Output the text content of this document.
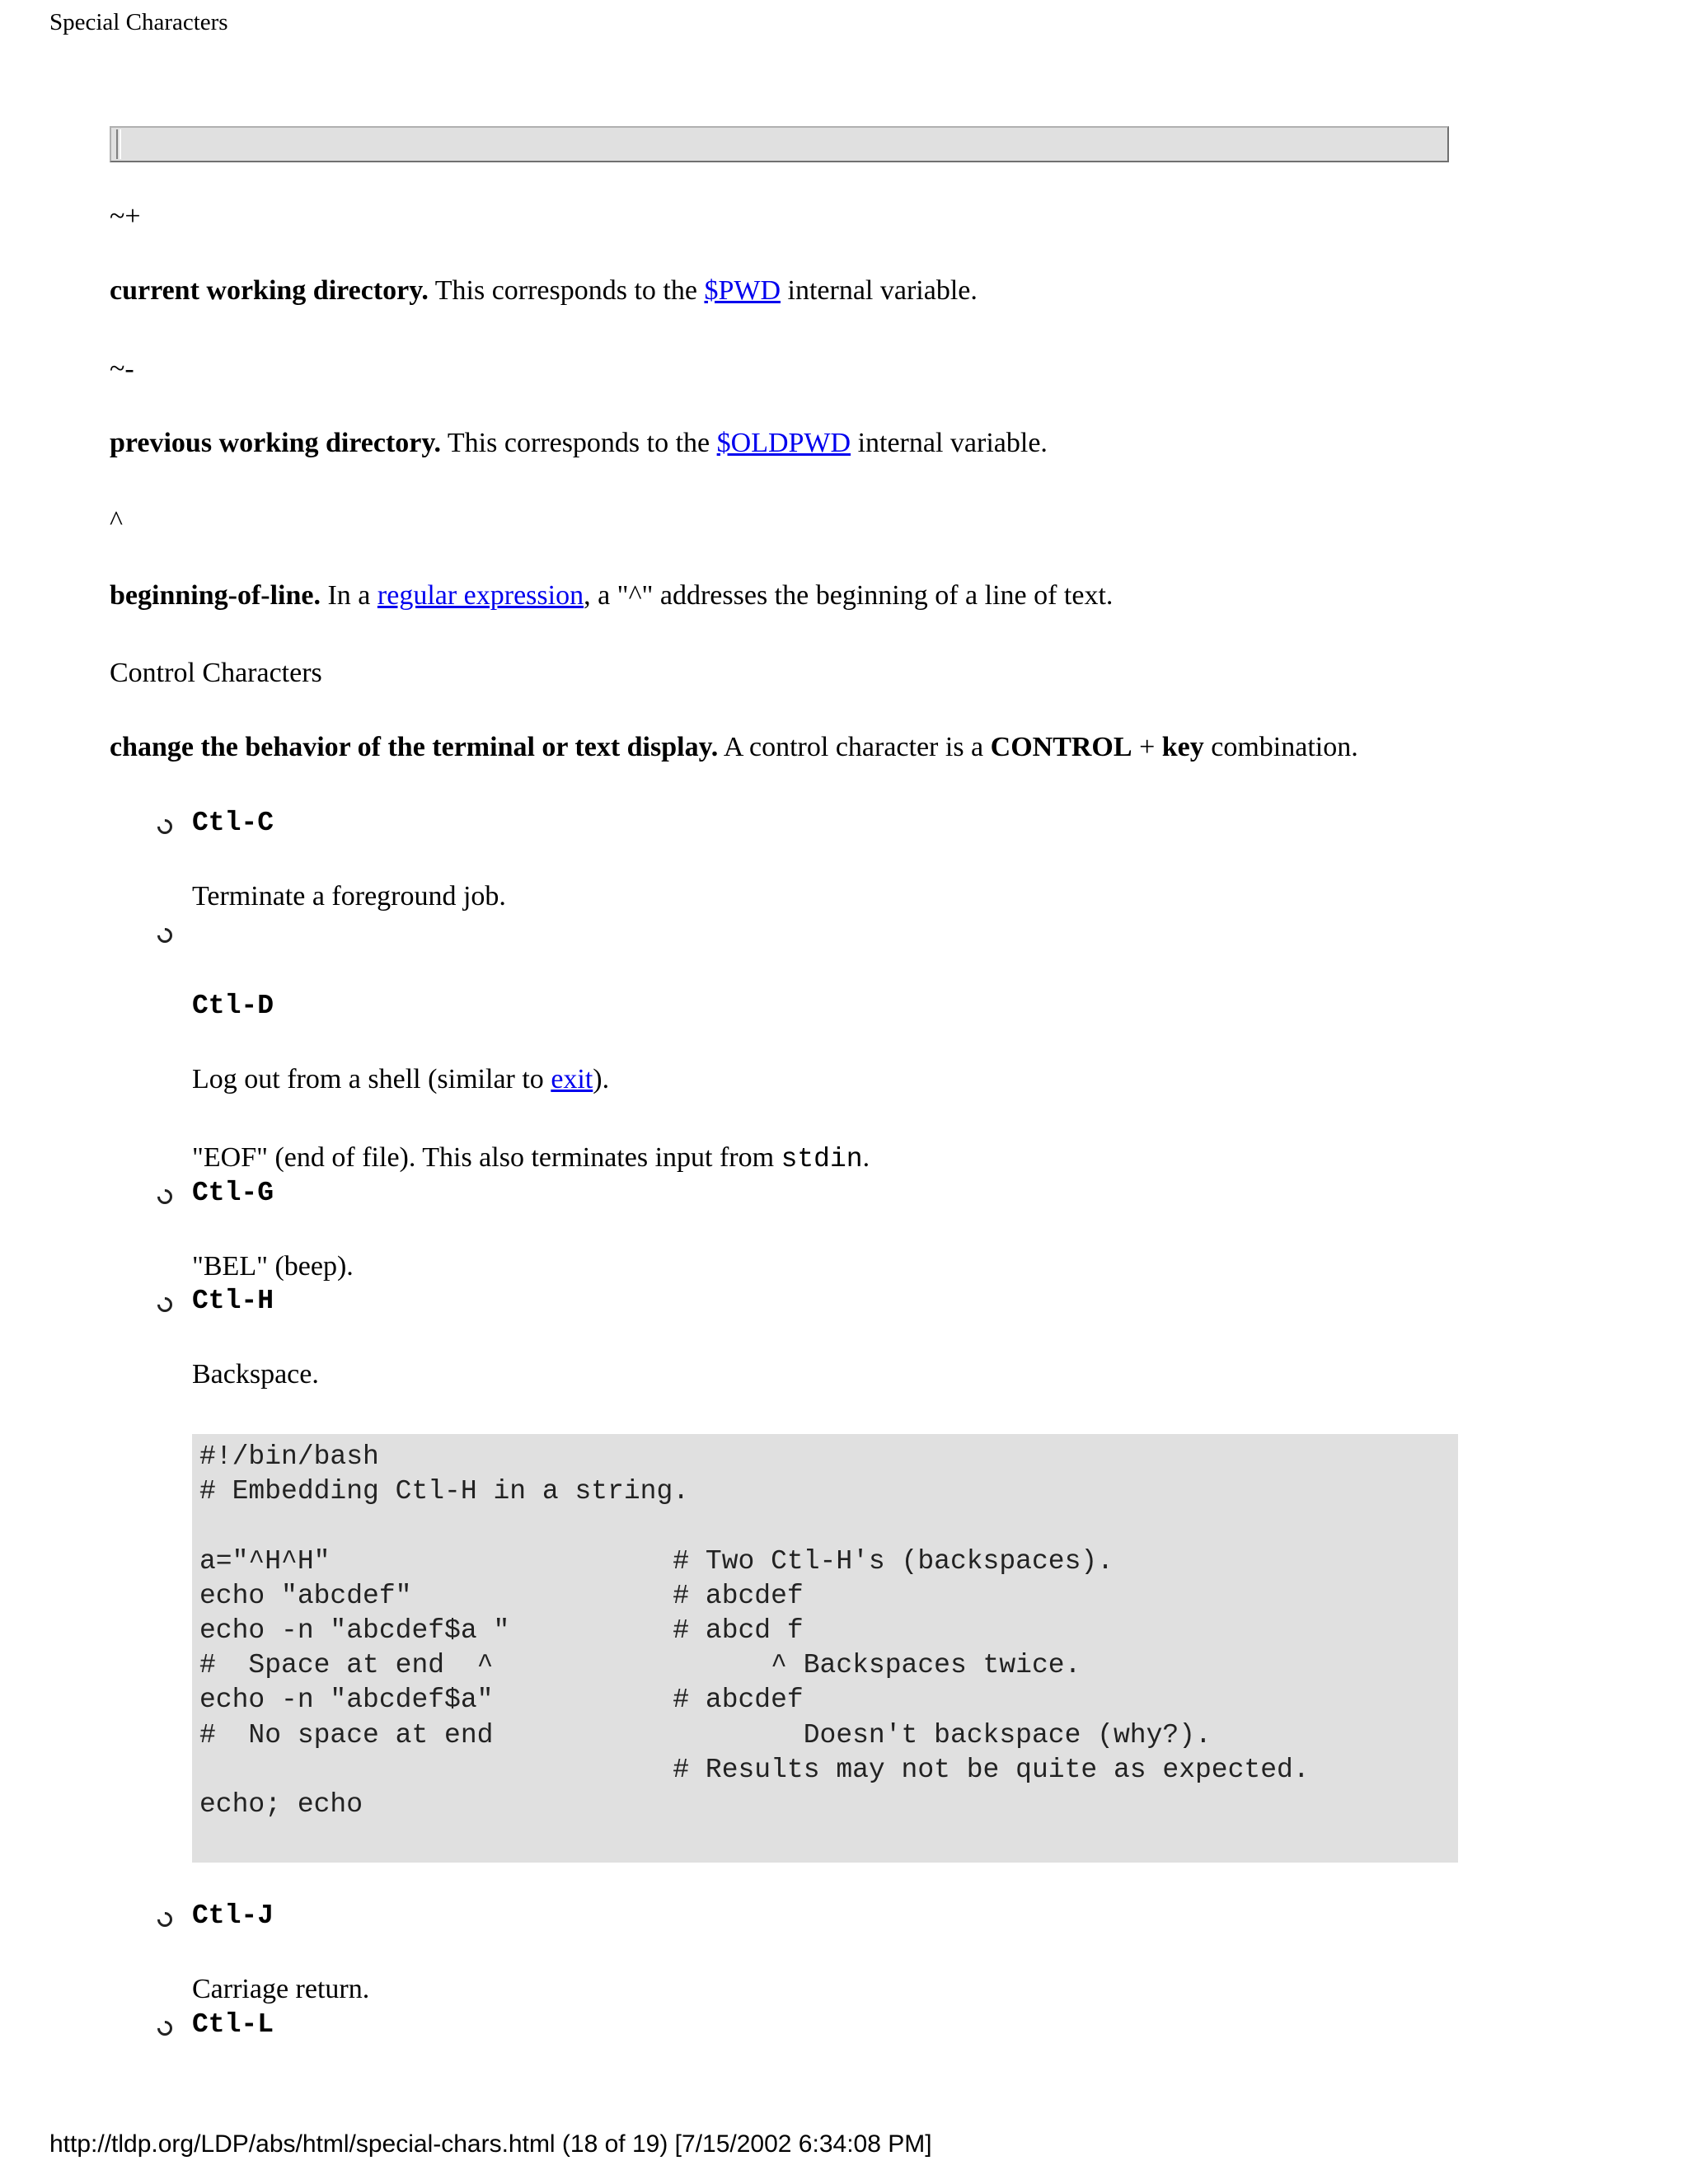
Special Characters
~+
current working directory. This corresponds to the $PWD internal variable.
~-
previous working directory. This corresponds to the $OLDPWD internal variable.
^
beginning-of-line. In a regular expression, a "^" addresses the beginning of a line of text.
Control Characters
change the behavior of the terminal or text display. A control character is a CONTROL + key combination.
Ctl-C
Terminate a foreground job.
Ctl-D
Log out from a shell (similar to exit).
"EOF" (end of file). This also terminates input from stdin.
Ctl-G
"BEL" (beep).
Ctl-H
Backspace.
#!/bin/bash
# Embedding Ctl-H in a string.

a="^H^H"                     # Two Ctl-H's (backspaces).
echo "abcdef"                # abcdef
echo -n "abcdef$a "          # abcd f
#  Space at end  ^                 ^ Backspaces twice.
echo -n "abcdef$a"           # abcdef
#  No space at end                   Doesn't backspace (why?).
# Results may not be quite as expected.
echo; echo
Ctl-J
Carriage return.
Ctl-L
http://tldp.org/LDP/abs/html/special-chars.html (18 of 19) [7/15/2002 6:34:08 PM]
